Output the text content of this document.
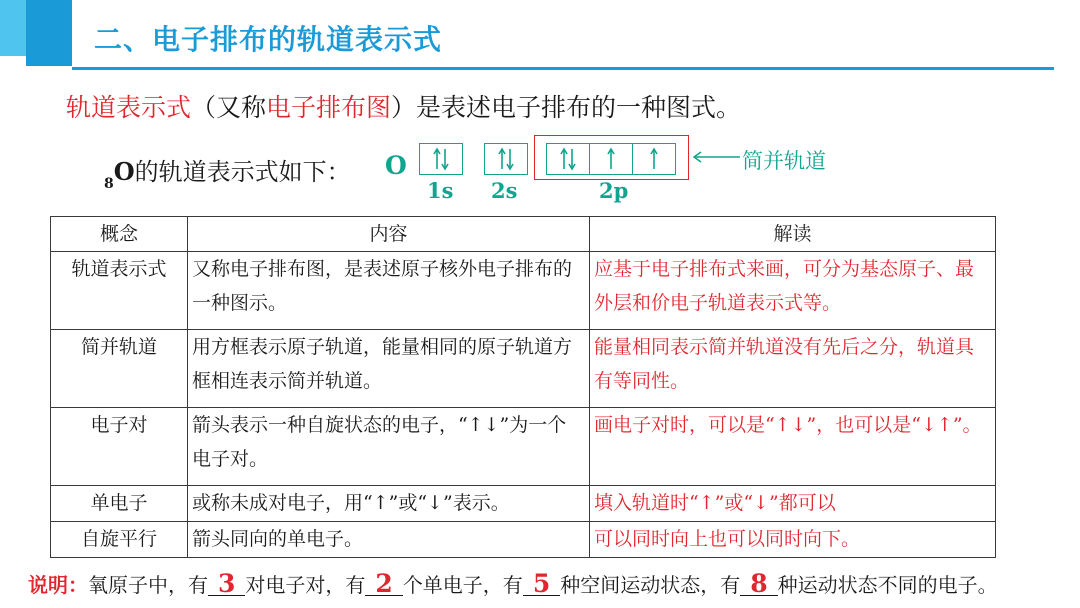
二、电子排布的轨道表示式
轨道表示式（又称电子排布图）是表述电子排布的一种图式。
$_8$O的轨道表示式如下： O
1s 2s	2p
简并轨道
概念	内容	解读
轨道表示式	又称电子排布图，是表述原子核外电子排布的一种图示。	应基于电子排布式来画，可分为基态原子、最外层和价电子轨道表示式等。
简并轨道	用方框表示原子轨道，能量相同的原子轨道方框相连表示简并轨道。	能量相同表示简并轨道没有先后之分，轨道具有等同性。
电子对	箭头表示一种自旋状态的电子，“↑↓”为一个电子对。	画电子对时，可以是“↑↓”，也可以是“↓↑”。
单电子	或称未成对电子，用“↑”或“↓”表示。	填入轨道时“↑”或“↓”都可以
自旋平行	箭头同向的单电子。	可以同时向上也可以同时向下。
说明：氧原子中，有 3 对电子对，有 2 个单电子，有 5 种空间运动状态，有 8 种运动状态不同的电子。
